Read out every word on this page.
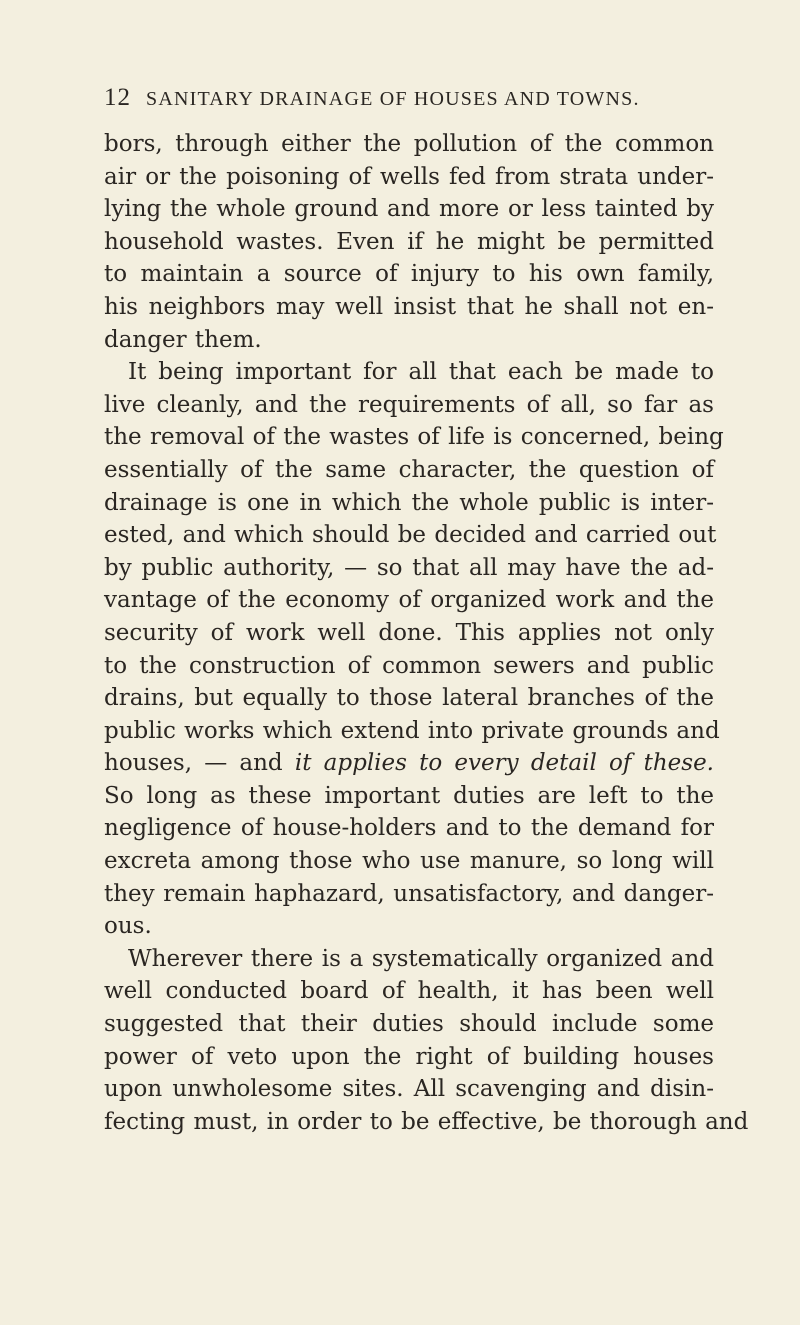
12 SANITARY DRAINAGE OF HOUSES AND TOWNS.
bors, through either the pollution of the common
air or the poisoning of wells fed from strata under-
lying the whole ground and more or less tainted by
household wastes. Even if he might be permitted
to maintain a source of injury to his own family,
his neighbors may well insist that he shall not en-
danger them.
It being important for all that each be made to
live cleanly, and the requirements of all, so far as
the removal of the wastes of life is concerned, being
essentially of the same character, the question of
drainage is one in which the whole public is inter-
ested, and which should be decided and carried out
by public authority, — so that all may have the ad-
vantage of the economy of organized work and the
security of work well done. This applies not only
to the construction of common sewers and public
drains, but equally to those lateral branches of the
public works which extend into private grounds and
houses, — and it applies to every detail of these.
So long as these important duties are left to the
negligence of house-holders and to the demand for
excreta among those who use manure, so long will
they remain haphazard, unsatisfactory, and danger-
ous.
Wherever there is a systematically organized and
well conducted board of health, it has been well
suggested that their duties should include some
power of veto upon the right of building houses
upon unwholesome sites. All scavenging and disin-
fecting must, in order to be effective, be thorough and
